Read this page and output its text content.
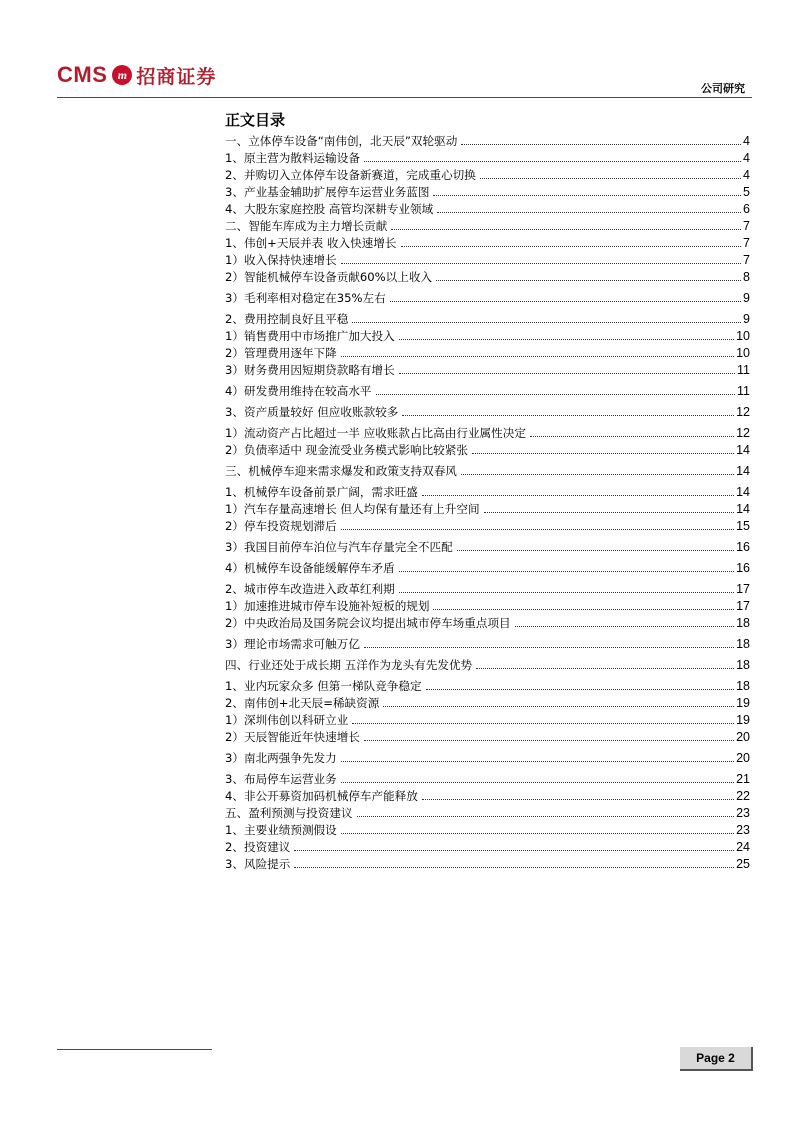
CMS m 招商证券
公司研究
正文目录
一、立体停车设备“南伟创，北天辰”双轮驱动	4
1、原主营为散料运输设备	4
2、并购切入立体停车设备新赛道，完成重心切换	4
3、产业基金辅助扩展停车运营业务蓝图	5
4、大股东家庭控股 高管均深耕专业领域	6
二、智能车库成为主力增长贡献	7
1、伟创+天辰并表 收入快速增长	7
1）收入保持快速增长	7
2）智能机械停车设备贡献60%以上收入	8
3）毛利率相对稳定在35%左右	9
2、费用控制良好且平稳	9
1）销售费用中市场推广加大投入	10
2）管理费用逐年下降	10
3）财务费用因短期贷款略有增长	11
4）研发费用维持在较高水平	11
3、资产质量较好 但应收账款较多	12
1）流动资产占比超过一半 应收账款占比高由行业属性决定	12
2）负债率适中 现金流受业务模式影响比较紧张	14
三、机械停车迎来需求爆发和政策支持双春风	14
1、机械停车设备前景广阔，需求旺盛	14
1）汽车存量高速增长 但人均保有量还有上升空间	14
2）停车投资规划滞后	15
3）我国目前停车泊位与汽车存量完全不匹配	16
4）机械停车设备能缓解停车矛盾	16
2、城市停车改造进入政革红利期	17
1）加速推进城市停车设施补短板的规划	17
2）中央政治局及国务院会议均提出城市停车场重点项目	18
3）理论市场需求可触万亿	18
四、行业还处于成长期 五洋作为龙头有先发优势	18
1、业内玩家众多 但第一梯队竞争稳定	18
2、南伟创+北天辰=稀缺资源	19
1）深圳伟创以科研立业	19
2）天辰智能近年快速增长	20
3）南北两强争先发力	20
3、布局停车运营业务	21
4、非公开募资加码机械停车产能释放	22
五、盈利预测与投资建议	23
1、主要业绩预测假设	23
2、投资建议	24
3、风险提示	25
Page 2
